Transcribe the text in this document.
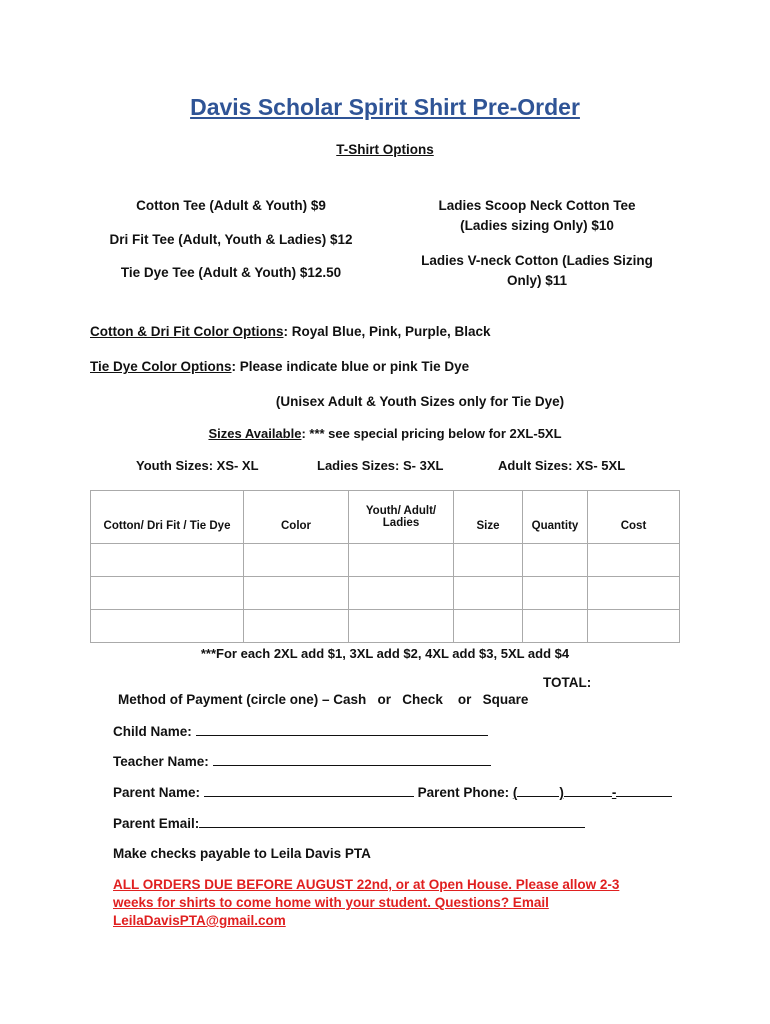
Davis Scholar Spirit Shirt Pre-Order
T-Shirt Options
Cotton Tee (Adult & Youth) $9
Dri Fit Tee (Adult, Youth & Ladies) $12
Tie Dye Tee (Adult & Youth) $12.50
Ladies Scoop Neck Cotton Tee
(Ladies sizing Only) $10
Ladies V-neck Cotton (Ladies Sizing
Only) $11
Cotton & Dri Fit Color Options: Royal Blue, Pink, Purple, Black
Tie Dye Color Options: Please indicate blue or pink Tie Dye
(Unisex Adult & Youth Sizes only for Tie Dye)
Sizes Available: *** see special pricing below for 2XL-5XL
Youth Sizes: XS- XL	Ladies Sizes: S- 3XL	Adult Sizes: XS- 5XL
Cotton/ Dri Fit / Tie Dye	Color	Youth/ Adult/ Ladies	Size	Quantity	Cost

***For each 2XL add $1, 3XL add $2, 4XL add $3, 5XL add $4
TOTAL:
Method of Payment (circle one) – Cash   or   Check    or   Square
Child Name:
Teacher Name:
Parent Name:	Parent Phone: (	)	-
Parent Email:
Make checks payable to Leila Davis PTA
ALL ORDERS DUE BEFORE AUGUST 22nd, or at Open House. Please allow 2-3
weeks for shirts to come home with your student. Questions? Email
LeilaDavisPTA@gmail.com
